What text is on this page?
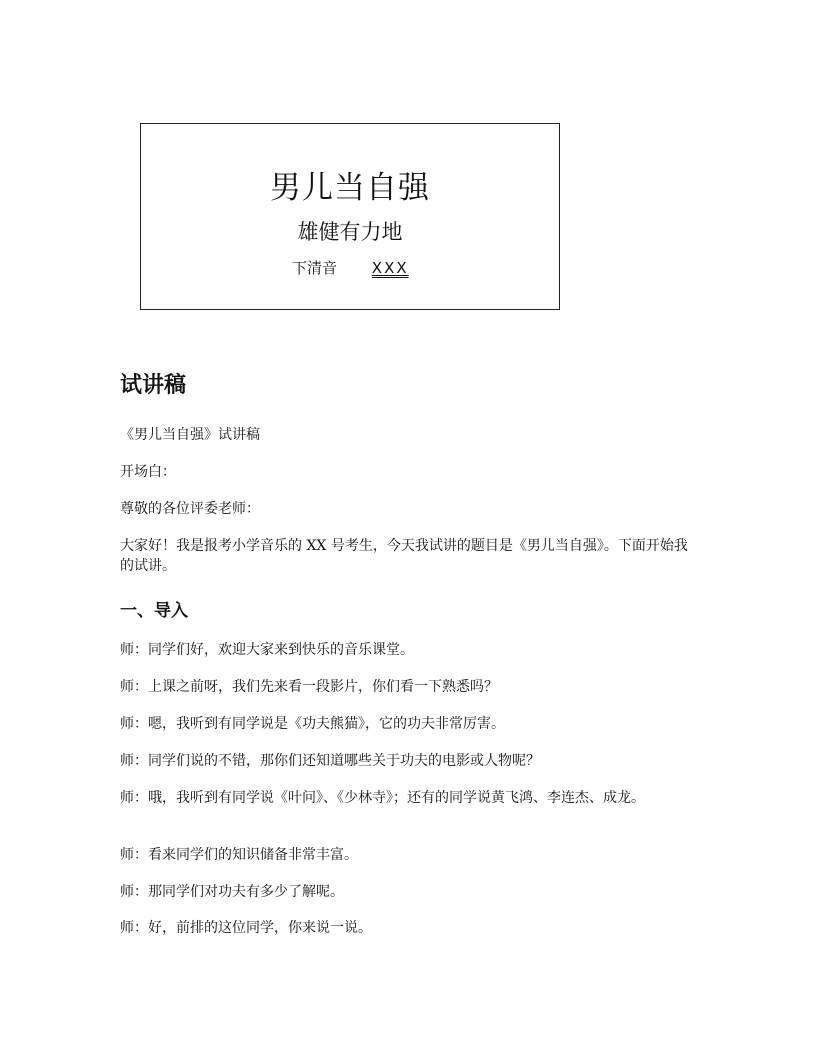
男儿当自强
雄健有力地
下清音 XXX
试讲稿

《男儿当自强》试讲稿

开场白：

尊敬的各位评委老师：

大家好！我是报考小学音乐的 XX 号考生，今天我试讲的题目是《男儿当自强》。下面开始我的试讲。

一、导入

师：同学们好，欢迎大家来到快乐的音乐课堂。

师：上课之前呀，我们先来看一段影片，你们看一下熟悉吗？

师：嗯，我听到有同学说是《功夫熊猫》，它的功夫非常厉害。

师：同学们说的不错，那你们还知道哪些关于功夫的电影或人物呢？

师：哦，我听到有同学说《叶问》、《少林寺》；还有的同学说黄飞鸿、李连杰、成龙。

师：看来同学们的知识储备非常丰富。

师：那同学们对功夫有多少了解呢。

师：好，前排的这位同学，你来说一说。
